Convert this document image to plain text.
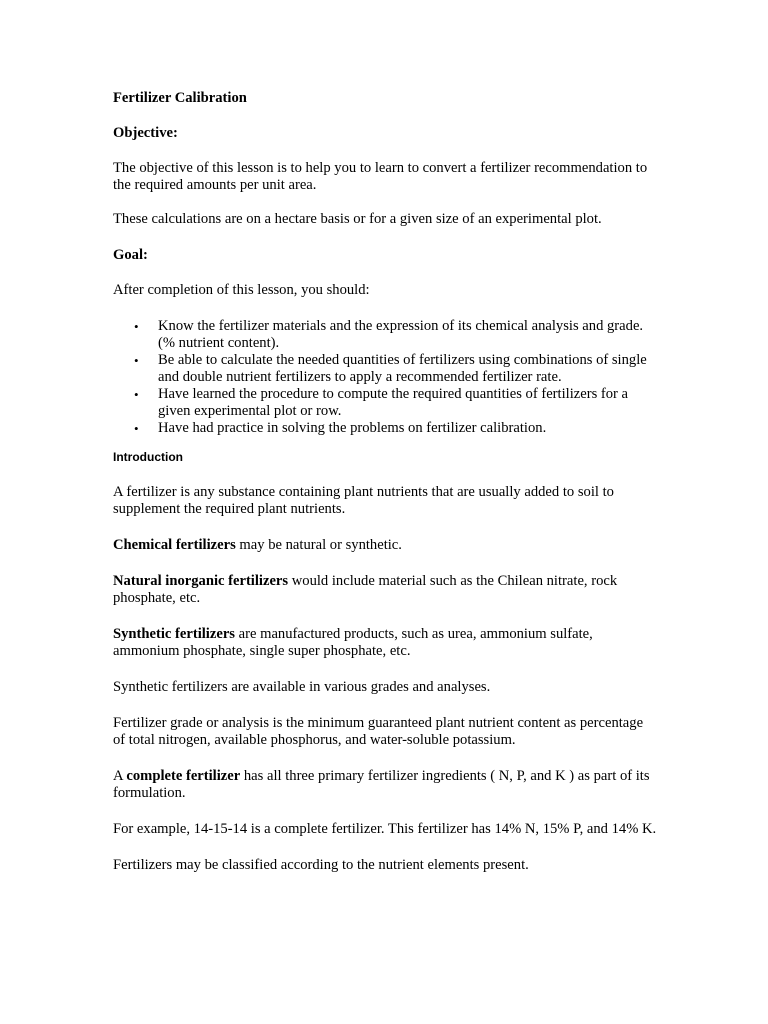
Fertilizer Calibration

Objective:

The objective of this lesson is to help you to learn to convert a fertilizer recommendation to the required amounts per unit area.

These calculations are on a hectare basis or for a given size of an experimental plot.

Goal:

After completion of this lesson, you should:

• Know the fertilizer materials and the expression of its chemical analysis and grade. (% nutrient content).
• Be able to calculate the needed quantities of fertilizers using combinations of single and double nutrient fertilizers to apply a recommended fertilizer rate.
• Have learned the procedure to compute the required quantities of fertilizers for a given experimental plot or row.
• Have had practice in solving the problems on fertilizer calibration.

Introduction

A fertilizer is any substance containing plant nutrients that are usually added to soil to supplement the required plant nutrients.

Chemical fertilizers may be natural or synthetic.

Natural inorganic fertilizers would include material such as the Chilean nitrate, rock phosphate, etc.

Synthetic fertilizers are manufactured products, such as urea, ammonium sulfate, ammonium phosphate, single super phosphate, etc.

Synthetic fertilizers are available in various grades and analyses.

Fertilizer grade or analysis is the minimum guaranteed plant nutrient content as percentage of total nitrogen, available phosphorus, and water-soluble potassium.

A complete fertilizer has all three primary fertilizer ingredients ( N, P, and K ) as part of its formulation.

For example, 14-15-14 is a complete fertilizer. This fertilizer has 14% N, 15% P, and 14% K.

Fertilizers may be classified according to the nutrient elements present.
